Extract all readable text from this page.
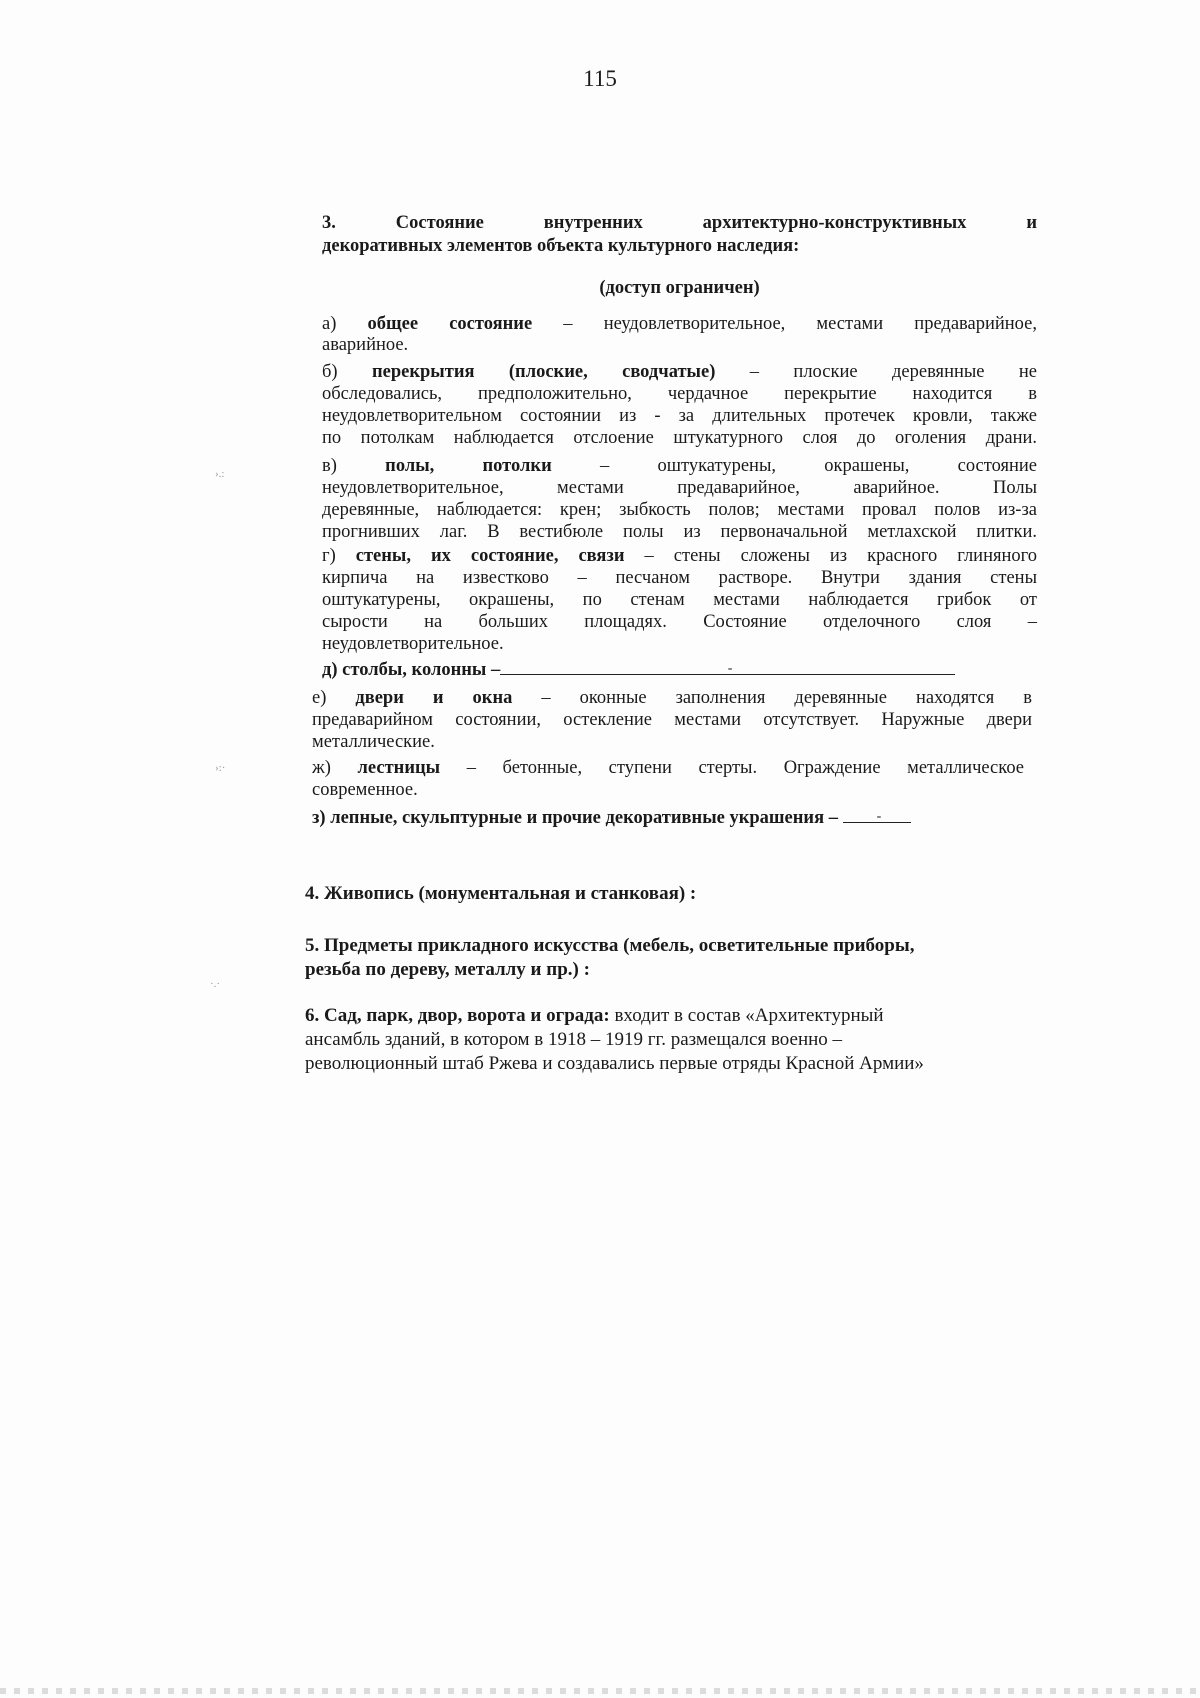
115
3.	Состояние	внутренних	архитектурно-конструктивных	и
декоративных элементов объекта культурного наследия:
(доступ ограничен)
а) общее состояние – неудовлетворительное, местами предаварийное,
аварийное.
б) перекрытия (плоские, сводчатые) – плоские деревянные не
обследовались, предположительно, чердачное перекрытие находится в
неудовлетворительном состоянии из - за длительных протечек кровли, также
по потолкам наблюдается отслоение штукатурного слоя до оголения драни.
в)	полы, потолки	– оштукатурены, окрашены, состояние
неудовлетворительное, местами предаварийное, аварийное. Полы
деревянные, наблюдается: крен; зыбкость полов; местами провал полов из-за
прогнивших лаг. В вестибюле полы из первоначальной метлахской плитки.
г) стены, их состояние, связи – стены сложены из красного глиняного
кирпича на известково – песчаном растворе. Внутри здания стены
оштукатурены, окрашены, по стенам местами наблюдается грибок от
сырости на больших площадях. Состояние отделочного слоя –
неудовлетворительное.
д) столбы, колонны –	-
е) двери и окна – оконные заполнения деревянные находятся в
предаварийном состоянии, остекление местами отсутствует. Наружные двери
металлические.
ж) лестницы – бетонные, ступени стерты. Ограждение металлическое
современное.
з) лепные, скульптурные и прочие декоративные украшения –	-
4. Живопись (монументальная и станковая) :
5. Предметы прикладного искусства (мебель, осветительные приборы,
резьба по дереву, металлу и пр.) :
6. Сад, парк, двор, ворота и ограда: входит в состав «Архитектурный
ансамбль зданий, в котором в 1918 – 1919 гг. размещался военно –
революционный штаб Ржева и создавались первые отряды Красной Армии»
›.:
›:·
·.·
